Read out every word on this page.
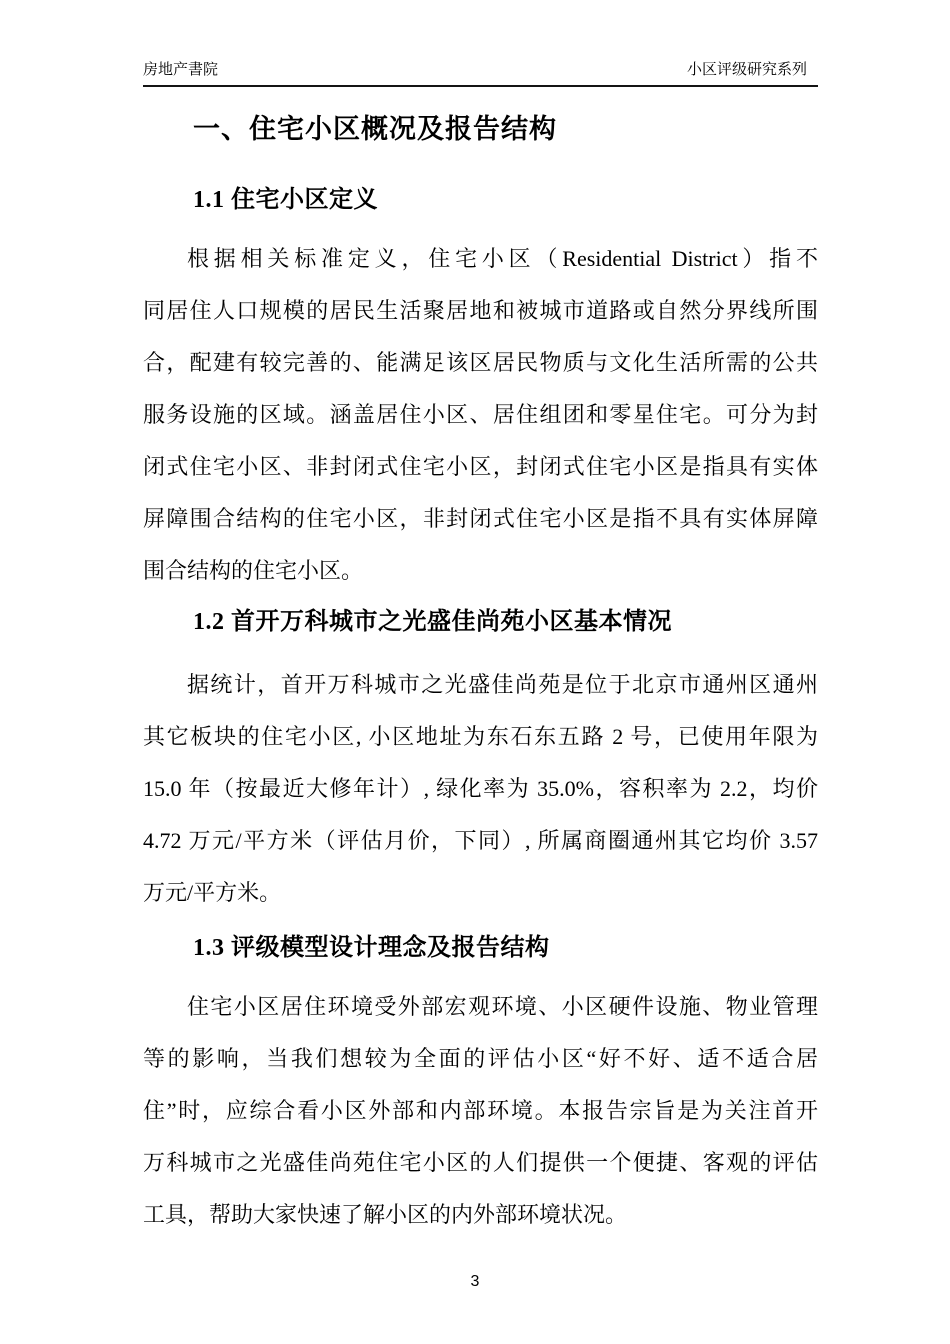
房地产書院	小区评级研究系列
一、住宅小区概况及报告结构
1.1 住宅小区定义
根据相关标准定义，住宅小区（Residential District）指不
同居住人口规模的居民生活聚居地和被城市道路或自然分界线所围
合，配建有较完善的、能满足该区居民物质与文化生活所需的公共
服务设施的区域。涵盖居住小区、居住组团和零星住宅。可分为封
闭式住宅小区、非封闭式住宅小区，封闭式住宅小区是指具有实体
屏障围合结构的住宅小区，非封闭式住宅小区是指不具有实体屏障
围合结构的住宅小区。
1.2 首开万科城市之光盛佳尚苑小区基本情况
据统计，首开万科城市之光盛佳尚苑是位于北京市通州区通州
其它板块的住宅小区, 小区地址为东石东五路 2 号，已使用年限为
15.0 年（按最近大修年计）, 绿化率为 35.0%，容积率为 2.2，均价
4.72 万元/平方米（评估月价，下同）, 所属商圈通州其它均价 3.57
万元/平方米。
1.3 评级模型设计理念及报告结构
住宅小区居住环境受外部宏观环境、小区硬件设施、物业管理
等的影响，当我们想较为全面的评估小区“好不好、适不适合居
住”时，应综合看小区外部和内部环境。本报告宗旨是为关注首开
万科城市之光盛佳尚苑住宅小区的人们提供一个便捷、客观的评估
工具，帮助大家快速了解小区的内外部环境状况。
3
